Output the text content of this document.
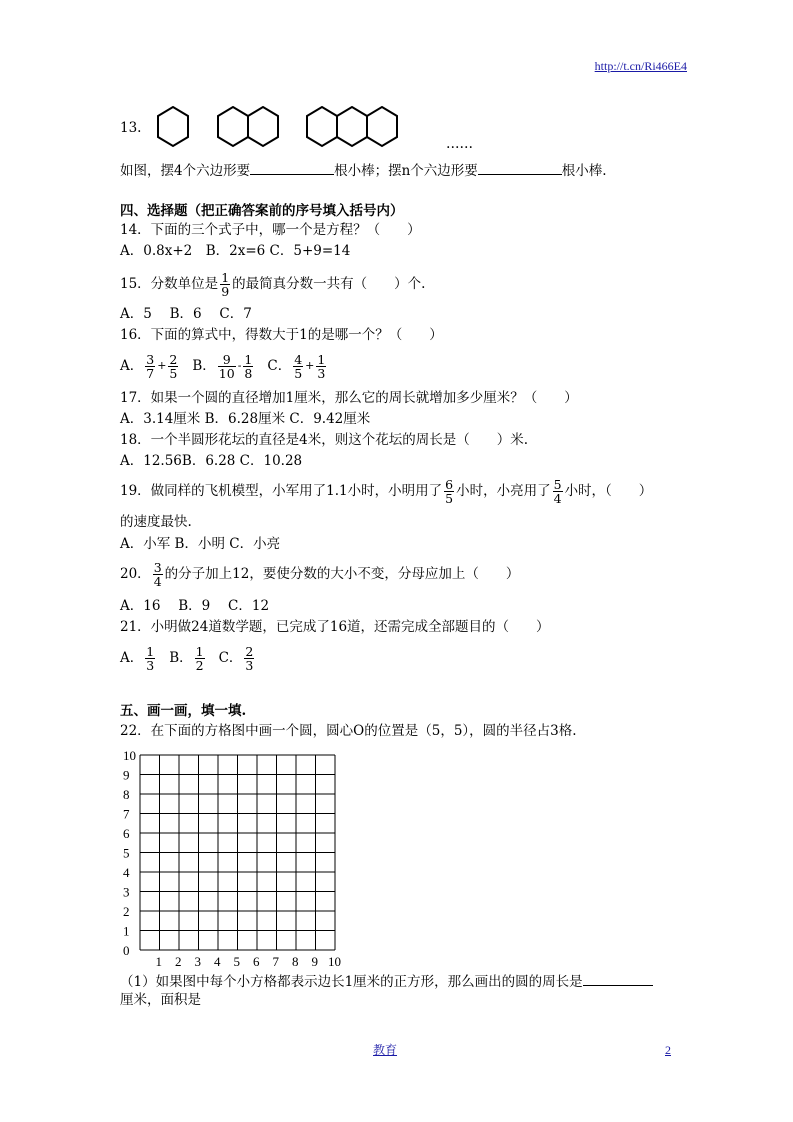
http://t.cn/Ri466E4
13.
……
如图，摆4个六边形要	根小棒；摆n个六边形要	根小棒.
四、选择题（把正确答案前的序号填入括号内）
14．下面的三个式子中，哪一个是方程？（　　）
A．0.8x+2　B．2x=6 C．5+9=14
15．分数单位是 $\frac{1}{9}$ 的最简真分数一共有（　　）个.
A．5　 B．6　 C．7
16．下面的算式中，得数大于1的是哪一个？（　　）
A． $\frac{3}{7} + \frac{2}{5}$ B． $\frac{9}{10} - \frac{1}{8}$ C． $\frac{4}{5} + \frac{1}{3}$
17．如果一个圆的直径增加1厘米，那么它的周长就增加多少厘米？（　　）
A．3.14厘米 B．6.28厘米 C．9.42厘米
18．一个半圆形花坛的直径是4米，则这个花坛的周长是（　　）米.
A．12.56B．6.28 C．10.28
19．做同样的飞机模型，小军用了1.1小时，小明用了 $\frac{6}{5}$ 小时，小亮用了 $\frac{5}{4}$ 小时，（　　）
的速度最快.
A．小军 B．小明 C．小亮
20． $\frac{3}{4}$ 的分子加上12，要使分数的大小不变，分母应加上（　　）
A．16　 B．9　 C．12
21．小明做24道数学题，已完成了16道，还需完成全部题目的（　　）
A． $\frac{1}{3}$ B． $\frac{1}{2}$ C． $\frac{2}{3}$
五、画一画，填一填.
22．在下面的方格图中画一个圆，圆心O的位置是（5，5），圆的半径占3格.
10
9
8
7
6
5
4
3
2
1
0
1 2 3 4 5 6 7 8 9 10
（1）如果图中每个小方格都表示边长1厘米的正方形，那么画出的圆的周长是
厘米，面积是
教育	2
